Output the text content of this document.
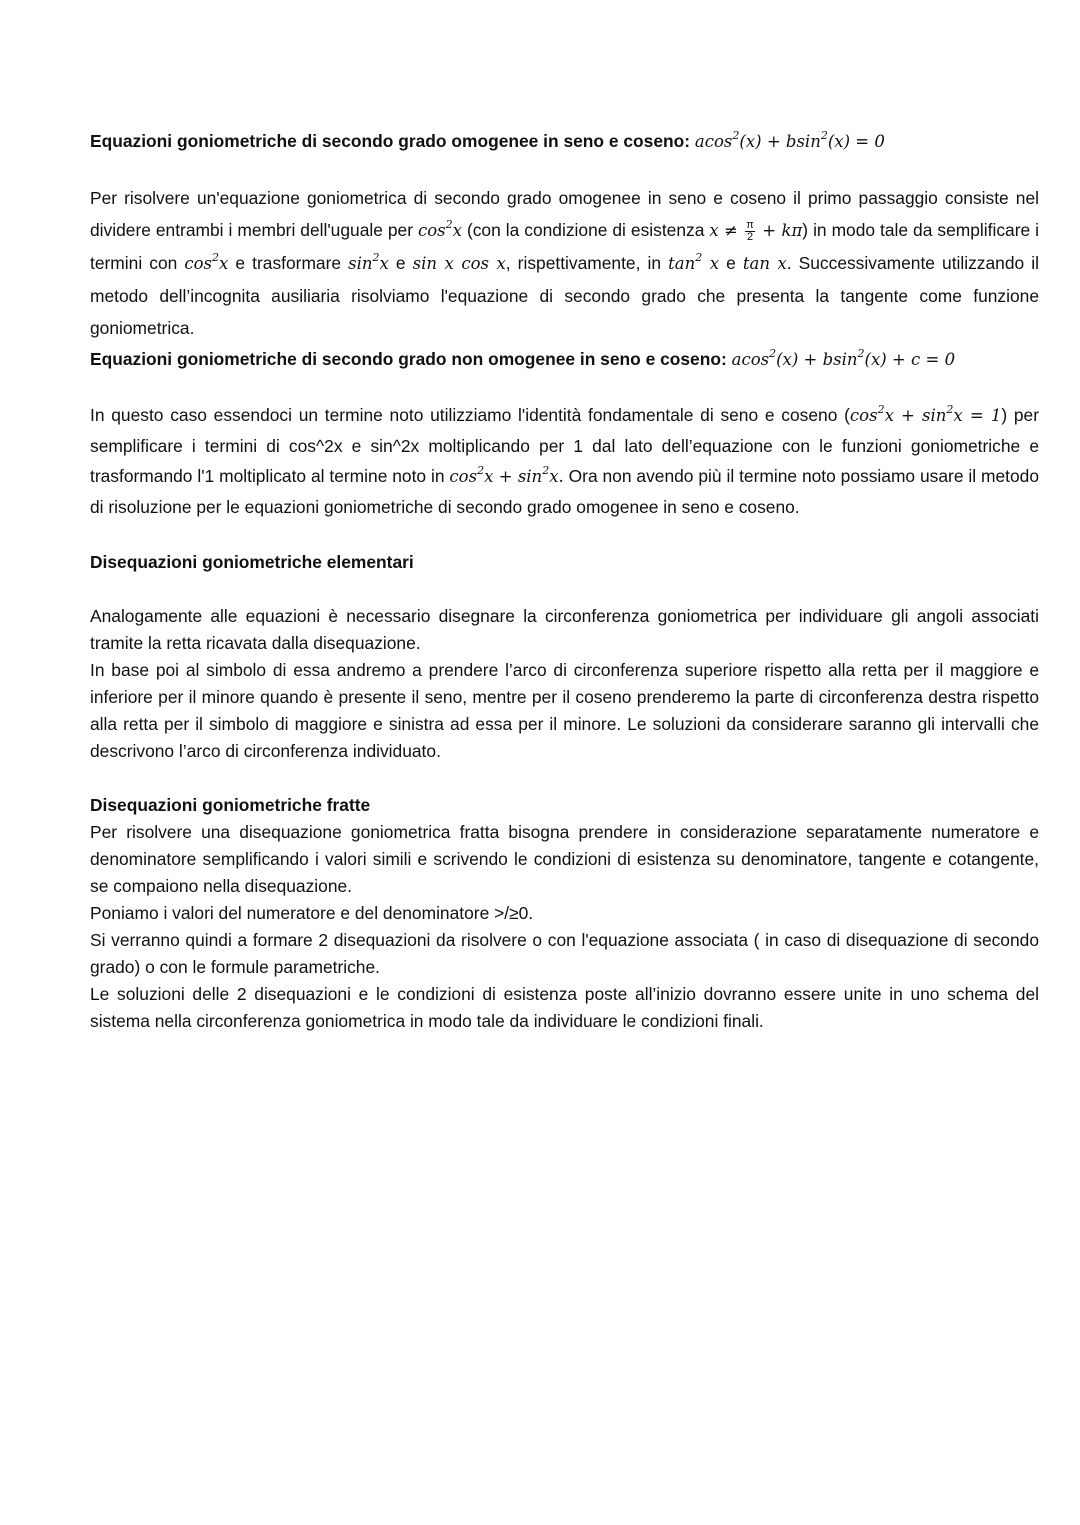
Equazioni goniometriche di secondo grado omogenee in seno e coseno: acos$^2$(x) + bsin$^2$(x) = 0

Per risolvere un'equazione goniometrica di secondo grado omogenee in seno e coseno il primo passaggio consiste nel dividere entrambi i membri dell'uguale per $\cos^2x$ (con la condizione di esistenza $x \ne \frac{\pi}{2} + k\pi$) in modo tale da semplificare i termini con $\cos^2x$ e trasformare $\sin^2x$ e sin x cos x, rispettivamente, in $\tan^2 x$ e tan x. Successivamente utilizzando il metodo dell’incognita ausiliaria risolviamo l'equazione di secondo grado che presenta la tangente come funzione goniometrica.

Equazioni goniometriche di secondo grado non omogenee in seno e coseno: acos$^2$(x) + bsin$^2$(x) + c = 0

In questo caso essendoci un termine noto utilizziamo l'identità fondamentale di seno e coseno $(\cos^2x + \sin^2x = 1)$ per semplificare i termini di cos^2x e sin^2x moltiplicando per 1 dal lato dell’equazione con le funzioni goniometriche e trasformando l'1 moltiplicato al termine noto in $\cos^2x + \sin^2x$. Ora non avendo più il termine noto possiamo usare il metodo di risoluzione per le equazioni goniometriche di secondo grado omogenee in seno e coseno.

Disequazioni goniometriche elementari

Analogamente alle equazioni è necessario disegnare la circonferenza goniometrica per individuare gli angoli associati tramite la retta ricavata dalla disequazione.

In base poi al simbolo di essa andremo a prendere l’arco di circonferenza superiore rispetto alla retta per il maggiore e inferiore per il minore quando è presente il seno, mentre per il coseno prenderemo la parte di circonferenza destra rispetto alla retta per il simbolo di maggiore e sinistra ad essa per il minore. Le soluzioni da considerare saranno gli intervalli che descrivono l’arco di circonferenza individuato.

Disequazioni goniometriche fratte

Per risolvere una disequazione goniometrica fratta bisogna prendere in considerazione separatamente numeratore e denominatore semplificando i valori simili e scrivendo le condizioni di esistenza su denominatore, tangente e cotangente, se compaiono nella disequazione.

Poniamo i valori del numeratore e del denominatore >/≥0.

Si verranno quindi a formare 2 disequazioni da risolvere o con l'equazione associata ( in caso di disequazione di secondo grado) o con le formule parametriche.

Le soluzioni delle 2 disequazioni e le condizioni di esistenza poste all’inizio dovranno essere unite in uno schema del sistema nella circonferenza goniometrica in modo tale da individuare le condizioni finali.
